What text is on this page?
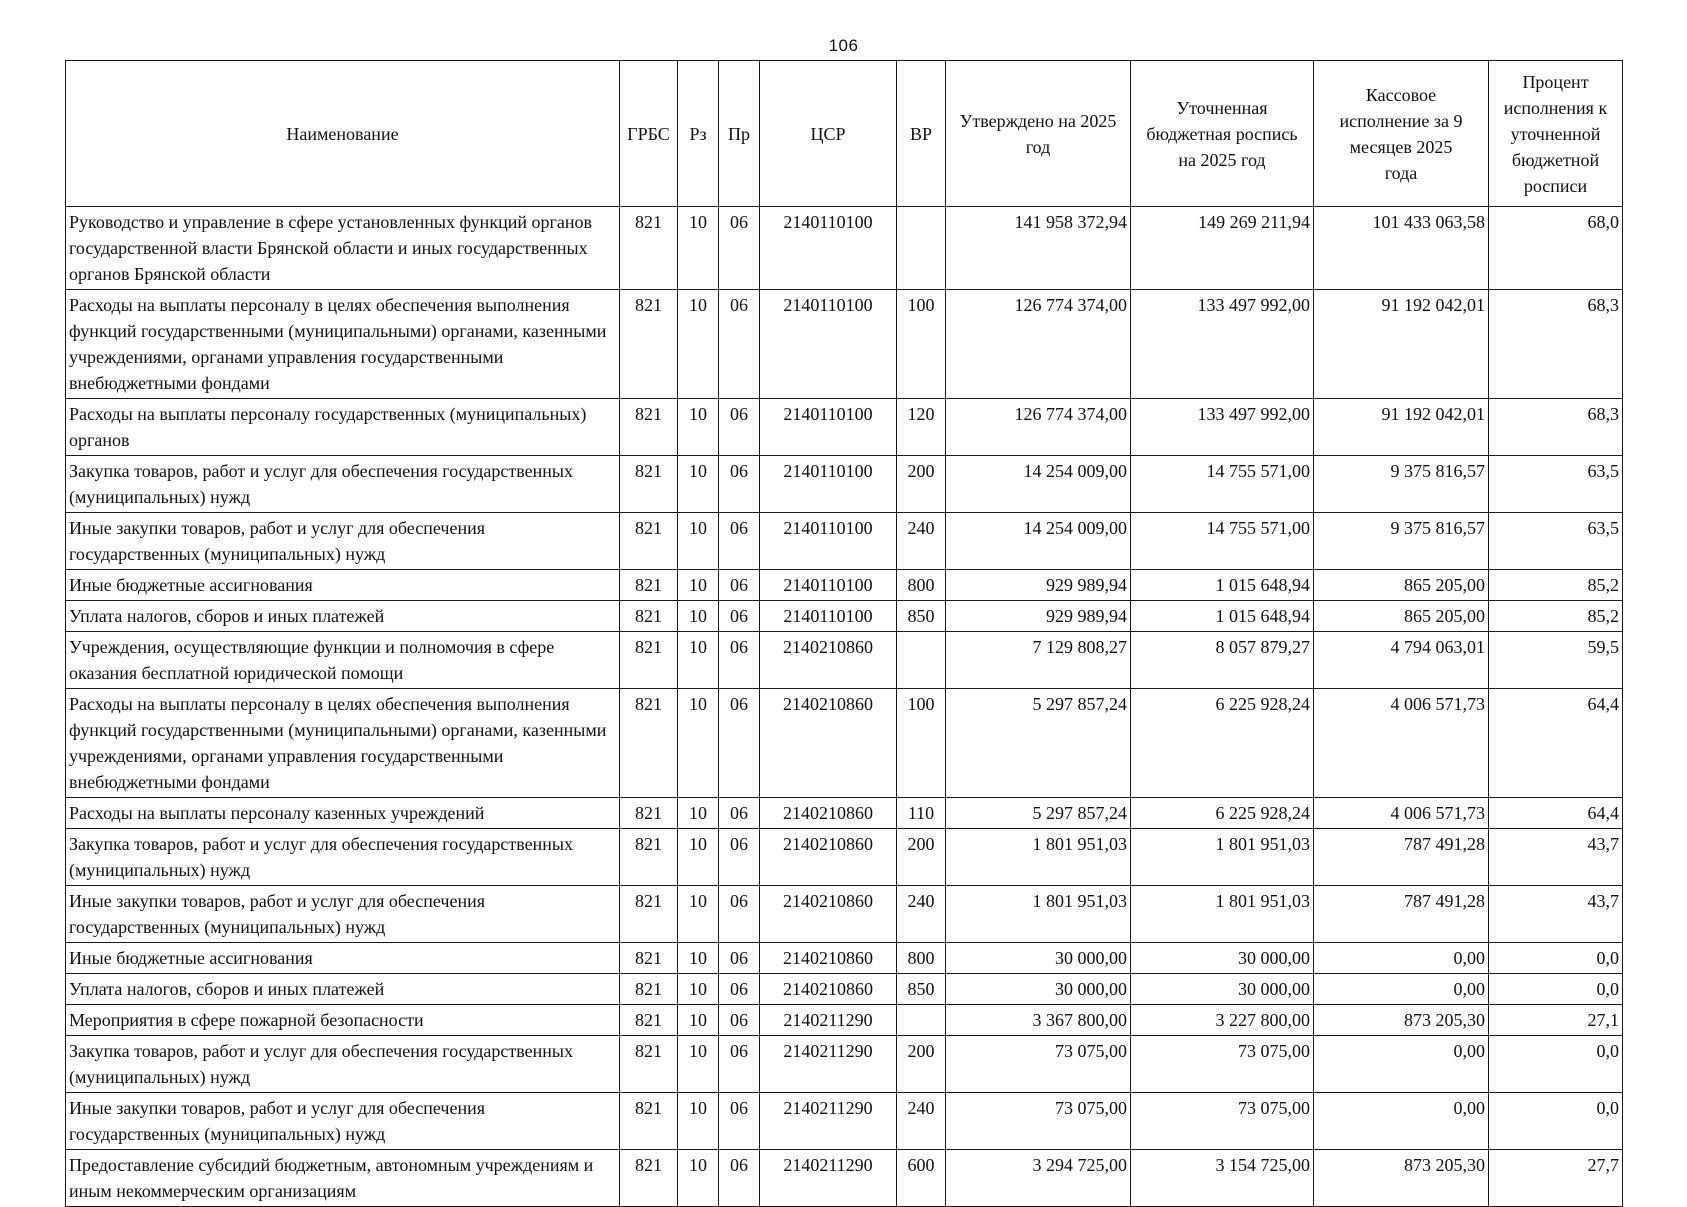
106
Наименование	ГРБС	Рз	Пр	ЦСР	ВР	Утверждено на 2025 год	Уточненная бюджетная роспись на 2025 год	Кассовое исполнение за 9 месяцев 2025 года	Процент исполнения к уточненной бюджетной росписи
Руководство и управление в сфере установленных функций органов государственной власти Брянской области и иных государственных органов Брянской области	821	10	06	2140110100		141 958 372,94	149 269 211,94	101 433 063,58	68,0
Расходы на выплаты персоналу в целях обеспечения выполнения функций государственными (муниципальными) органами, казенными учреждениями, органами управления государственными внебюджетными фондами	821	10	06	2140110100	100	126 774 374,00	133 497 992,00	91 192 042,01	68,3
Расходы на выплаты персоналу государственных (муниципальных) органов	821	10	06	2140110100	120	126 774 374,00	133 497 992,00	91 192 042,01	68,3
Закупка товаров, работ и услуг для обеспечения государственных (муниципальных) нужд	821	10	06	2140110100	200	14 254 009,00	14 755 571,00	9 375 816,57	63,5
Иные закупки товаров, работ и услуг для обеспечения государственных (муниципальных) нужд	821	10	06	2140110100	240	14 254 009,00	14 755 571,00	9 375 816,57	63,5
Иные бюджетные ассигнования	821	10	06	2140110100	800	929 989,94	1 015 648,94	865 205,00	85,2
Уплата налогов, сборов и иных платежей	821	10	06	2140110100	850	929 989,94	1 015 648,94	865 205,00	85,2
Учреждения, осуществляющие функции и полномочия в сфере оказания бесплатной юридической помощи	821	10	06	2140210860		7 129 808,27	8 057 879,27	4 794 063,01	59,5
Расходы на выплаты персоналу в целях обеспечения выполнения функций государственными (муниципальными) органами, казенными учреждениями, органами управления государственными внебюджетными фондами	821	10	06	2140210860	100	5 297 857,24	6 225 928,24	4 006 571,73	64,4
Расходы на выплаты персоналу казенных учреждений	821	10	06	2140210860	110	5 297 857,24	6 225 928,24	4 006 571,73	64,4
Закупка товаров, работ и услуг для обеспечения государственных (муниципальных) нужд	821	10	06	2140210860	200	1 801 951,03	1 801 951,03	787 491,28	43,7
Иные закупки товаров, работ и услуг для обеспечения государственных (муниципальных) нужд	821	10	06	2140210860	240	1 801 951,03	1 801 951,03	787 491,28	43,7
Иные бюджетные ассигнования	821	10	06	2140210860	800	30 000,00	30 000,00	0,00	0,0
Уплата налогов, сборов и иных платежей	821	10	06	2140210860	850	30 000,00	30 000,00	0,00	0,0
Мероприятия в сфере пожарной безопасности	821	10	06	2140211290		3 367 800,00	3 227 800,00	873 205,30	27,1
Закупка товаров, работ и услуг для обеспечения государственных (муниципальных) нужд	821	10	06	2140211290	200	73 075,00	73 075,00	0,00	0,0
Иные закупки товаров, работ и услуг для обеспечения государственных (муниципальных) нужд	821	10	06	2140211290	240	73 075,00	73 075,00	0,00	0,0
Предоставление субсидий бюджетным, автономным учреждениям и иным некоммерческим организациям	821	10	06	2140211290	600	3 294 725,00	3 154 725,00	873 205,30	27,7
